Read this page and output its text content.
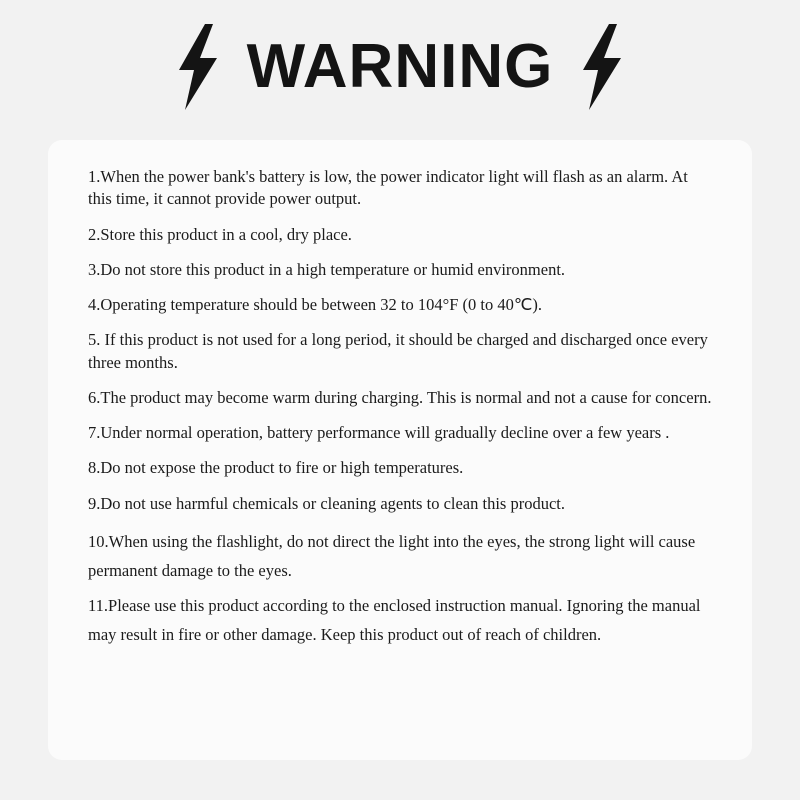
WARNING
1.When the power bank's battery is low, the power indicator light will flash as an alarm. At this time, it cannot provide power output.
2.Store this product in a cool, dry place.
3.Do not store this product in a high temperature or humid environment.
4.Operating temperature should be between 32 to 104°F (0 to 40℃).
5. If this product is not used for a long period, it should be charged and discharged once every three months.
6.The product may become warm during charging. This is normal and not a cause for concern.
7.Under normal operation, battery performance will gradually decline over a few years .
8.Do not expose the product to fire or high temperatures.
9.Do not use harmful chemicals or cleaning agents to clean this product.
10.When using the flashlight, do not direct the light into the eyes, the strong light will cause permanent damage to the eyes.
11.Please use this product according to the enclosed instruction manual. Ignoring the manual may result in fire or other damage. Keep this product out of reach of children.
